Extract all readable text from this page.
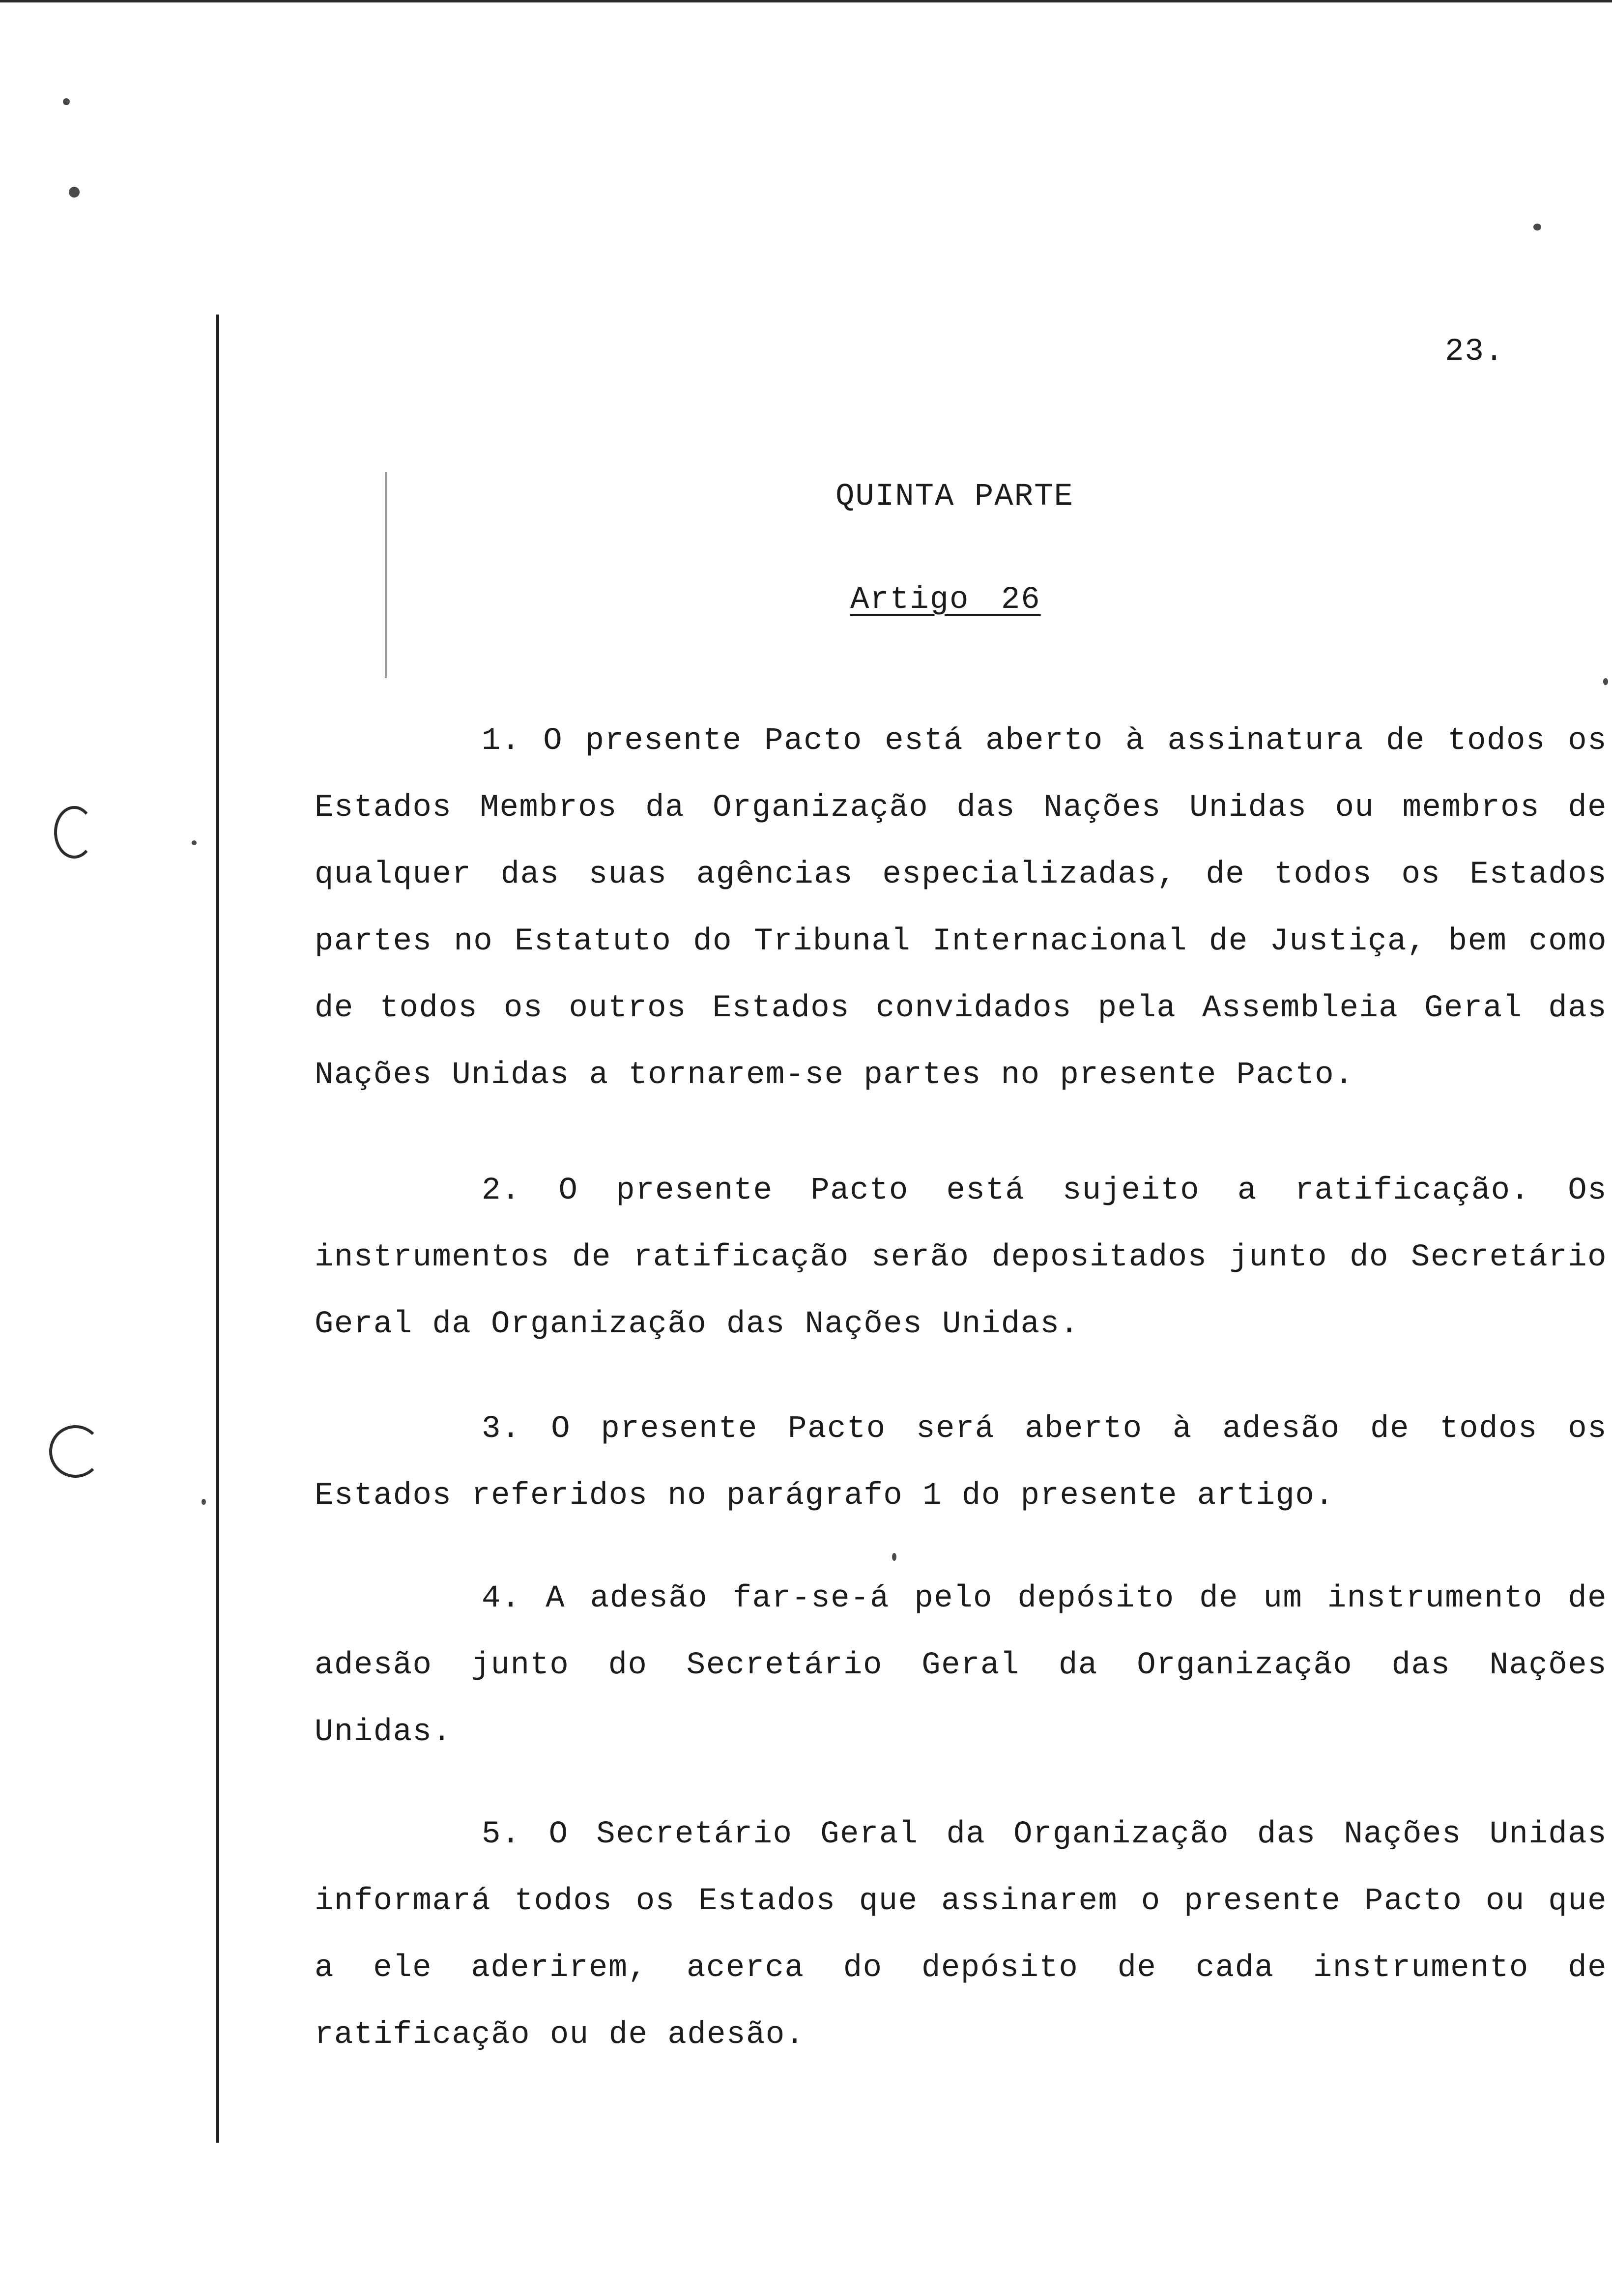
23.
QUINTA PARTE
Artigo 26

1. O presente Pacto está aberto à assinatura de todos os Estados Membros da Organização das Nações Unidas ou membros de qualquer das suas agências especializadas, de todos os Estados partes no Estatuto do Tribunal Internacional de Justiça, bem como de todos os outros Estados convidados pela Assembleia Geral das Nações Unidas a tornarem-se partes no presente Pacto.

2. O presente Pacto está sujeito a ratificação. Os instrumentos de ratificação serão depositados junto do Secretário Geral da Organização das Nações Unidas.

3. O presente Pacto será aberto à adesão de todos os Estados referidos no parágrafo 1 do presente artigo.

4. A adesão far-se-á pelo depósito de um instrumento de adesão junto do Secretário Geral da Organização das Nações Unidas.

5. O Secretário Geral da Organização das Nações Unidas informará todos os Estados que assinarem o presente Pacto ou que a ele aderirem, acerca do depósito de cada instrumento de ratificação ou de adesão.
